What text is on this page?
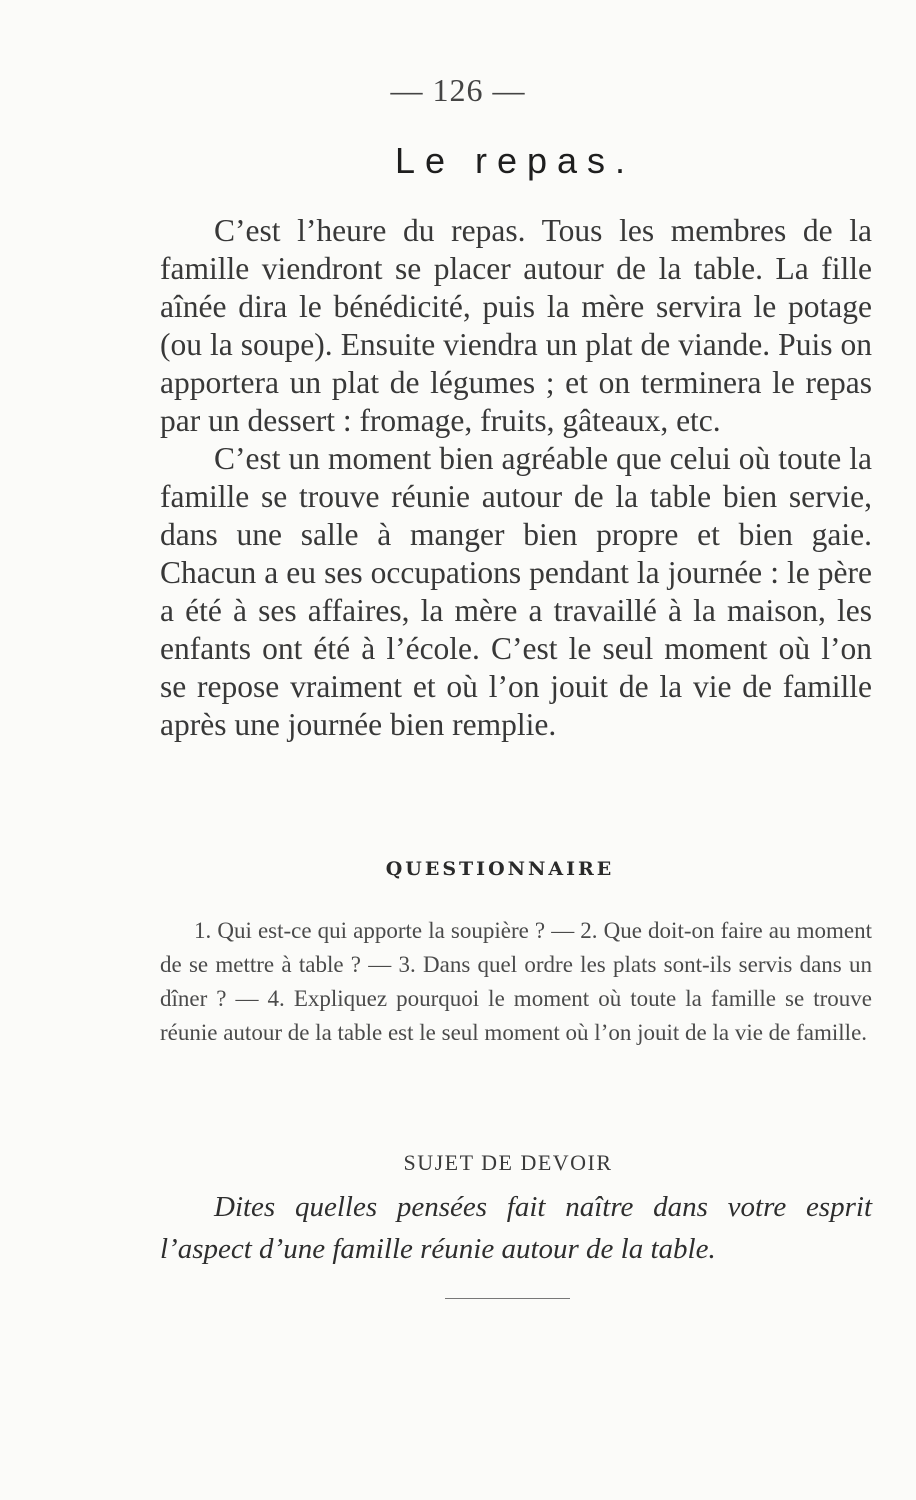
— 126 —
Le repas.

C’est l’heure du repas. Tous les membres de la famille viendront se placer autour de la table. La fille aînée dira le bénédicité, puis la mère servira le potage (ou la soupe). Ensuite viendra un plat de viande. Puis on apportera un plat de légumes ; et on terminera le repas par un dessert : fromage, fruits, gâteaux, etc.

C’est un moment bien agréable que celui où toute la famille se trouve réunie autour de la table bien servie, dans une salle à manger bien propre et bien gaie. Chacun a eu ses occupations pendant la journée : le père a été à ses affaires, la mère a travaillé à la maison, les enfants ont été à l’école. C’est le seul moment où l’on se repose vraiment et où l’on jouit de la vie de famille après une journée bien remplie.

QUESTIONNAIRE

1. Qui est-ce qui apporte la soupière ? — 2. Que doit-on faire au moment de se mettre à table ? — 3. Dans quel ordre les plats sont-ils servis dans un dîner ? — 4. Expliquez pourquoi le moment où toute la famille se trouve réunie autour de la table est le seul moment où l’on jouit de la vie de famille.

SUJET DE DEVOIR

Dites quelles pensées fait naître dans votre esprit l’aspect d’une famille réunie autour de la table.
